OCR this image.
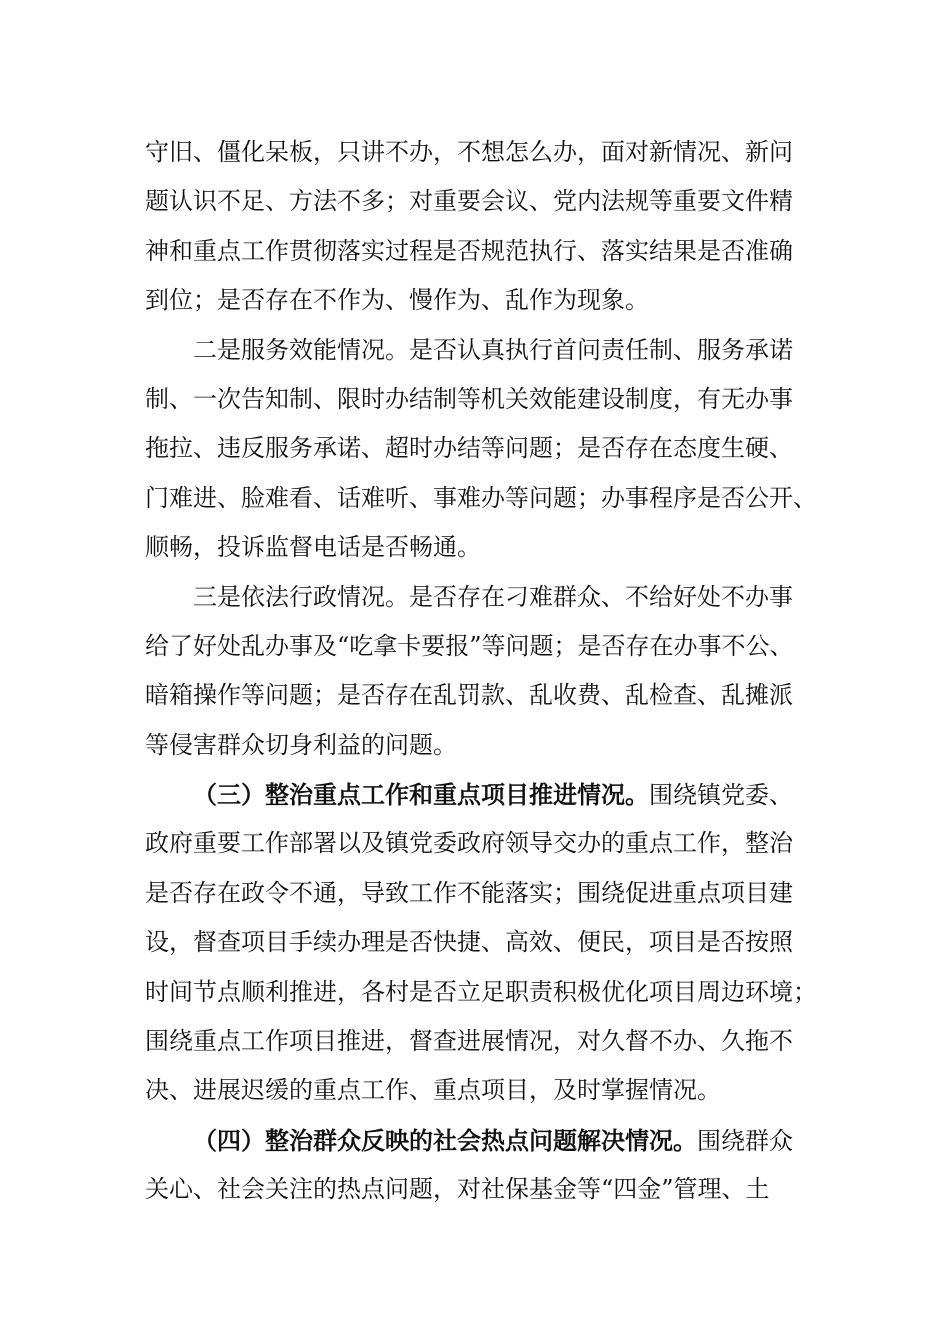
守旧、僵化呆板，只讲不办，不想怎么办，面对新情况、新问
题认识不足、方法不多；对重要会议、党内法规等重要文件精
神和重点工作贯彻落实过程是否规范执行、落实结果是否准确
到位；是否存在不作为、慢作为、乱作为现象。
二是服务效能情况。是否认真执行首问责任制、服务承诺
制、一次告知制、限时办结制等机关效能建设制度，有无办事
拖拉、违反服务承诺、超时办结等问题；是否存在态度生硬、
门难进、脸难看、话难听、事难办等问题；办事程序是否公开、
顺畅，投诉监督电话是否畅通。
三是依法行政情况。是否存在刁难群众、不给好处不办事
给了好处乱办事及“吃拿卡要报”等问题；是否存在办事不公、
暗箱操作等问题；是否存在乱罚款、乱收费、乱检查、乱摊派
等侵害群众切身利益的问题。
（三）整治重点工作和重点项目推进情况。围绕镇党委、
政府重要工作部署以及镇党委政府领导交办的重点工作，整治
是否存在政令不通，导致工作不能落实；围绕促进重点项目建
设，督查项目手续办理是否快捷、高效、便民，项目是否按照
时间节点顺利推进，各村是否立足职责积极优化项目周边环境；
围绕重点工作项目推进，督查进展情况，对久督不办、久拖不
决、进展迟缓的重点工作、重点项目，及时掌握情况。
（四）整治群众反映的社会热点问题解决情况。围绕群众
关心、社会关注的热点问题，对社保基金等“四金”管理、土
